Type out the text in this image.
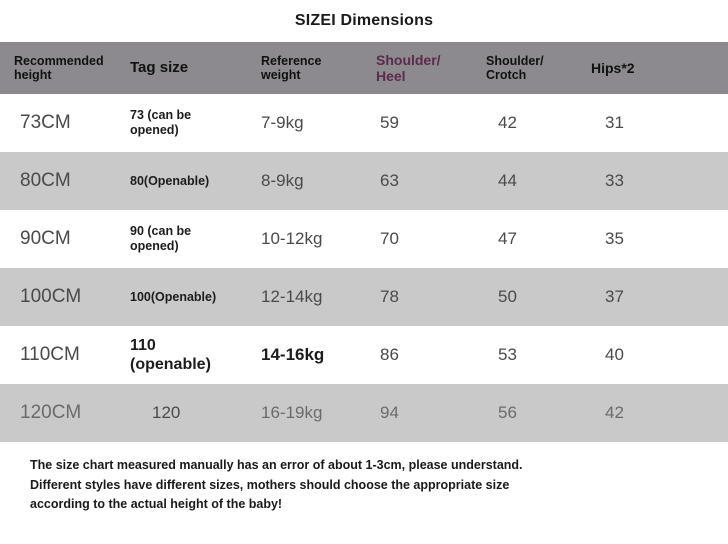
SIZEI Dimensions
Recommended height	Tag size	Reference weight	Shoulder/ Heel	Shoulder/ Crotch	Hips*2
73CM	73 (can be opened)	7-9kg	59	42	31
80CM	80(Openable)	8-9kg	63	44	33
90CM	90 (can be opened)	10-12kg	70	47	35
100CM	100(Openable)	12-14kg	78	50	37
110CM	110 (openable)	14-16kg	86	53	40
120CM	120	16-19kg	94	56	42

The size chart measured manually has an error of about 1-3cm, please understand.

Different styles have different sizes, mothers should choose the appropriate size

according to the actual height of the baby!
